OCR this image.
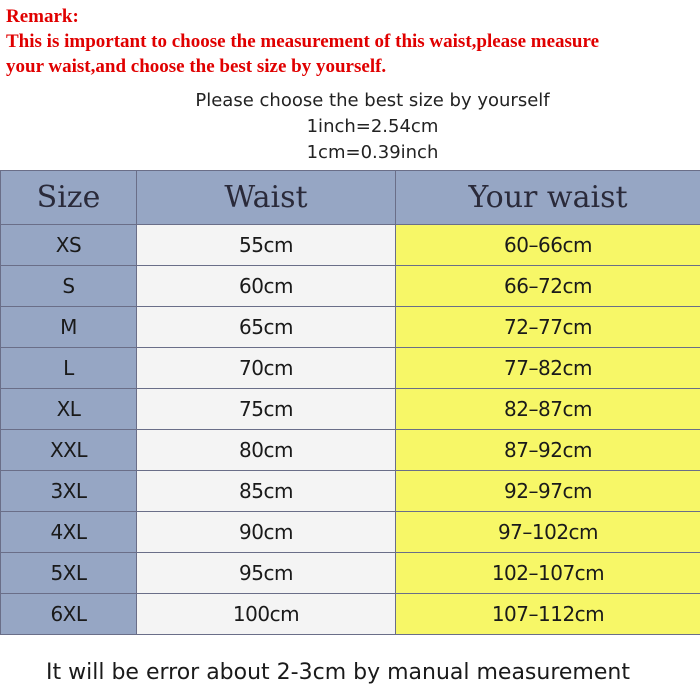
Remark:
This is important to choose the measurement of this waist,please measure
your waist,and choose the best size by yourself.
Please choose the best size by yourself
1inch=2.54cm
1cm=0.39inch
Size	Waist	Your waist
XS	55cm	60–66cm
S	60cm	66–72cm
M	65cm	72–77cm
L	70cm	77–82cm
XL	75cm	82–87cm
XXL	80cm	87–92cm
3XL	85cm	92–97cm
4XL	90cm	97–102cm
5XL	95cm	102–107cm
6XL	100cm	107–112cm
It will be error about 2-3cm by manual measurement
